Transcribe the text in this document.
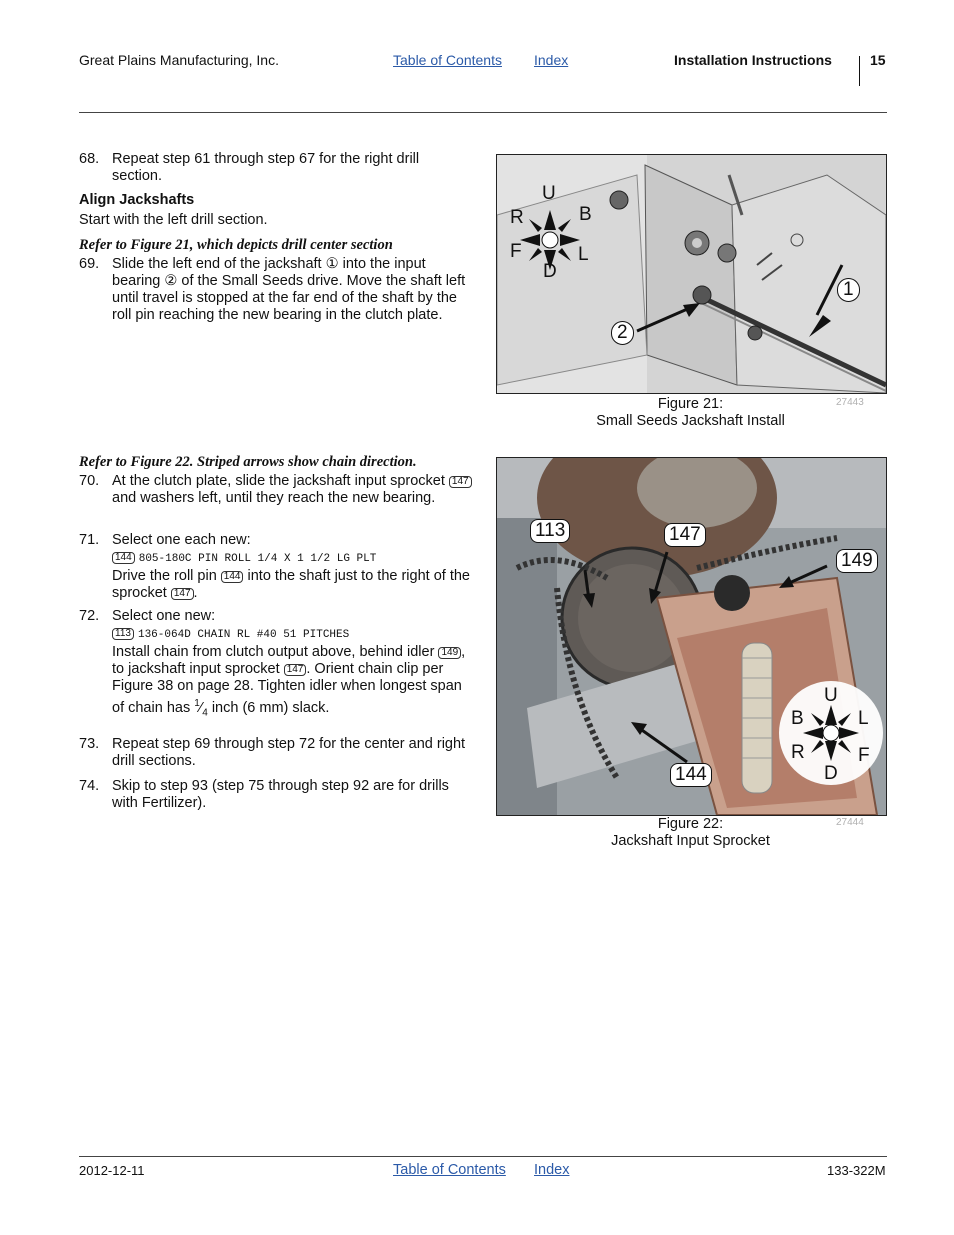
Great Plains Manufacturing, Inc.	Table of Contents Index	Installation Instructions	15
68. Repeat step 61 through step 67 for the right drill section.
Align Jackshafts
Start with the left drill section.
Refer to Figure 21, which depicts drill center section
69. Slide the left end of the jackshaft ① into the input bearing ② of the Small Seeds drive. Move the shaft left until travel is stopped at the far end of the shaft by the roll pin reaching the new bearing in the clutch plate.
Refer to Figure 22. Striped arrows show chain direction.
70. At the clutch plate, slide the jackshaft input sprocket 147 and washers left, until they reach the new bearing.
71. Select one each new:
144 805-180C PIN ROLL 1/4 X 1 1/2 LG PLT
Drive the roll pin 144 into the shaft just to the right of the sprocket 147 .
72. Select one new:
113 136-064D CHAIN RL #40 51 PITCHES
Install chain from clutch output above, behind idler 149 , to jackshaft input sprocket 147 . Orient chain clip per Figure 38 on page 28. Tighten idler when longest span of chain has $^1⁄_4$ inch (6 mm) slack.
73. Repeat step 69 through step 72 for the center and right drill sections.
74. Skip to step 93 (step 75 through step 92 are for drills with Fertilizer).
U
D
R	B
F	L
1
2
Figure 21:
Small Seeds Jackshaft Install
27443
U
D
B	L
R	F
113	147
149
144
Figure 22:
Jackshaft Input Sprocket
27444
2012-12-11	Table of Contents Index	133-322M
